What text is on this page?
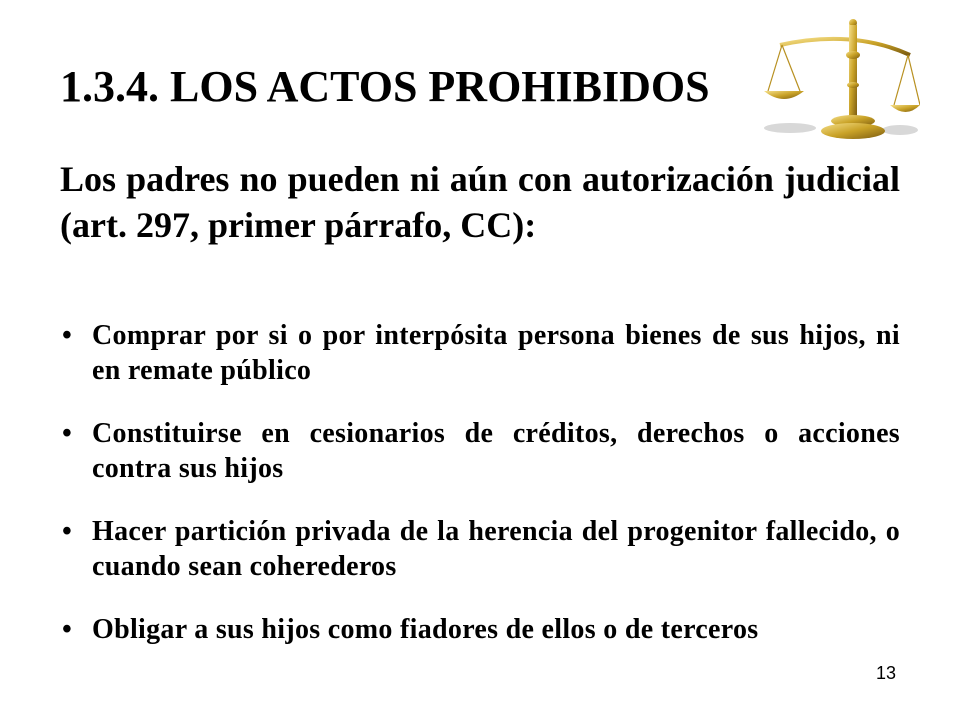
1.3.4. LOS ACTOS PROHIBIDOS

Los padres no pueden ni aún con autorización judicial (art. 297, primer párrafo, CC):

• Comprar por si o por interpósita persona bienes de sus hijos, ni en remate público
• Constituirse en cesionarios de créditos, derechos o acciones contra sus hijos
• Hacer partición privada de la herencia del progenitor fallecido, o cuando sean coherederos
• Obligar a sus hijos como fiadores de ellos o de terceros
13
